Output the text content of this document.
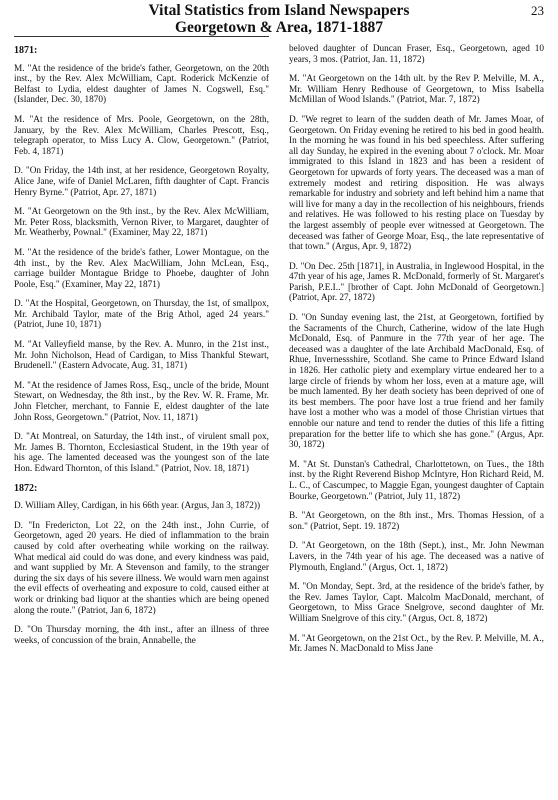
Vital Statistics from Island Newspapers
Georgetown & Area, 1871-1887
23
1871:

M. "At the residence of the bride's father, Georgetown, on the 20th inst., by the Rev. Alex McWilliam, Capt. Roderick McKenzie of Belfast to Lydia, eldest daughter of James N. Cogswell, Esq." (Islander, Dec. 30, 1870)

M. "At the residence of Mrs. Poole, Georgetown, on the 28th, January, by the Rev. Alex McWilliam, Charles Prescott, Esq., telegraph operator, to Miss Lucy A. Clow, Georgetown." (Patriot, Feb. 4, 1871)

D. "On Friday, the 14th inst, at her residence, Georgetown Royalty, Alice Jane, wife of Daniel McLaren, fifth daughter of Capt. Francis Henry Byrne." (Patriot, Apr. 27, 1871)

M. "At Georgetown on the 9th inst., by the Rev. Alex McWilliam, Mr. Peter Ross, blacksmith, Vernon River, to Margaret, daughter of Mr. Weatherby, Pownal." (Examiner, May 22, 1871)

M. "At the residence of the bride's father, Lower Montague, on the 4th inst., by the Rev. Alex MacWilliam, John McLean, Esq., carriage builder Montague Bridge to Phoebe, daughter of John Poole, Esq." (Examiner, May 22, 1871)

D. "At the Hospital, Georgetown, on Thursday, the 1st, of smallpox, Mr. Archibald Taylor, mate of the Brig Athol, aged 24 years." (Patriot, June 10, 1871)

M. "At Valleyfield manse, by the Rev. A. Munro, in the 21st inst., Mr. John Nicholson, Head of Cardigan, to Miss Thankful Stewart, Brudenell." (Eastern Advocate, Aug. 31, 1871)

M. "At the residence of James Ross, Esq., uncle of the bride, Mount Stewart, on Wednesday, the 8th inst., by the Rev. W. R. Frame, Mr. John Fletcher, merchant, to Fannie E, eldest daughter of the late John Ross, Georgetown." (Patriot, Nov. 11, 1871)

D. "At Montreal, on Saturday, the 14th inst., of virulent small pox, Mr. James B. Thornton, Ecclesiastical Student, in the 19th year of his age. The lamented deceased was the youngest son of the late Hon. Edward Thornton, of this Island." (Patriot, Nov. 18, 1871)

1872:

D. William Alley, Cardigan, in his 66th year. (Argus, Jan 3, 1872))

D. "In Fredericton, Lot 22, on the 24th inst., John Currie, of Georgetown, aged 20 years. He died of inflammation to the brain caused by cold after overheating while working on the railway. What medical aid could do was done, and every kindness was paid, and want supplied by Mr. A Stevenson and family, to the stranger during the six days of his severe illness. We would warn men against the evil effects of overheating and exposure to cold, caused either at work or drinking bad liquor at the shanties which are being opened along the route." (Patriot, Jan 6, 1872)

D. "On Thursday morning, the 4th inst., after an illness of three weeks, of concussion of the brain, Annabelle, the

beloved daughter of Duncan Fraser, Esq., Georgetown, aged 10 years, 3 mos. (Patriot, Jan. 11, 1872)

M. "At Georgetown on the 14th ult. by the Rev P. Melville, M. A., Mr. William Henry Redhouse of Georgetown, to Miss Isabella McMillan of Wood Islands." (Patriot, Mar. 7, 1872)

D. "We regret to learn of the sudden death of Mr. James Moar, of Georgetown. On Friday evening he retired to his bed in good health. In the morning he was found in his bed speechless. After suffering all day Sunday, he expired in the evening about 7 o'clock. Mr. Moar immigrated to this Island in 1823 and has been a resident of Georgetown for upwards of forty years. The deceased was a man of extremely modest and retiring disposition. He was always remarkable for industry and sobriety and left behind him a name that will live for many a day in the recollection of his neighbours, friends and relatives. He was followed to his resting place on Tuesday by the largest assembly of people ever witnessed at Georgetown. The deceased was father of George Moar, Esq., the late representative of that town." (Argus, Apr. 9, 1872)

D. "On Dec. 25th [1871], in Australia, in Inglewood Hospital, in the 47th year of his age, James R. McDonald, formerly of St. Margaret's Parish, P.E.I.." [brother of Capt. John McDonald of Georgetown.] (Patriot, Apr. 27, 1872)

D. "On Sunday evening last, the 21st, at Georgetown, fortified by the Sacraments of the Church, Catherine, widow of the late Hugh McDonald, Esq. of Panmure in the 77th year of her age. The deceased was a daughter of the late Archibald MacDonald, Esq. of Rhue, Invernessshire, Scotland. She came to Prince Edward Island in 1826. Her catholic piety and exemplary virtue endeared her to a large circle of friends by whom her loss, even at a mature age, will be much lamented. By her death society has been deprived of one of its best members. The poor have lost a true friend and her family have lost a mother who was a model of those Christian virtues that ennoble our nature and tend to render the duties of this life a fitting preparation for the better life to which she has gone." (Argus, Apr. 30, 1872)

M. "At St. Dunstan's Cathedral, Charlottetown, on Tues., the 18th inst. by the Right Reverend Bishop McIntyre, Hon Richard Reid, M. L. C., of Cascumpec, to Maggie Egan, youngest daughter of Captain Bourke, Georgetown." (Patriot, July 11, 1872)

B. "At Georgetown, on the 8th inst., Mrs. Thomas Hession, of a son." (Patriot, Sept. 19. 1872)

D. "At Georgetown, on the 18th (Sept.), inst., Mr. John Newman Lavers, in the 74th year of his age. The deceased was a native of Plymouth, England." (Argus, Oct. 1, 1872)

M. "On Monday, Sept. 3rd, at the residence of the bride's father, by the Rev. James Taylor, Capt. Malcolm MacDonald, merchant, of Georgetown, to Miss Grace Snelgrove, second daughter of Mr. William Snelgrove of this city." (Argus, Oct. 8, 1872)

M. "At Georgetown, on the 21st Oct., by the Rev. P. Melville, M. A., Mr. James N. MacDonald to Miss Jane
